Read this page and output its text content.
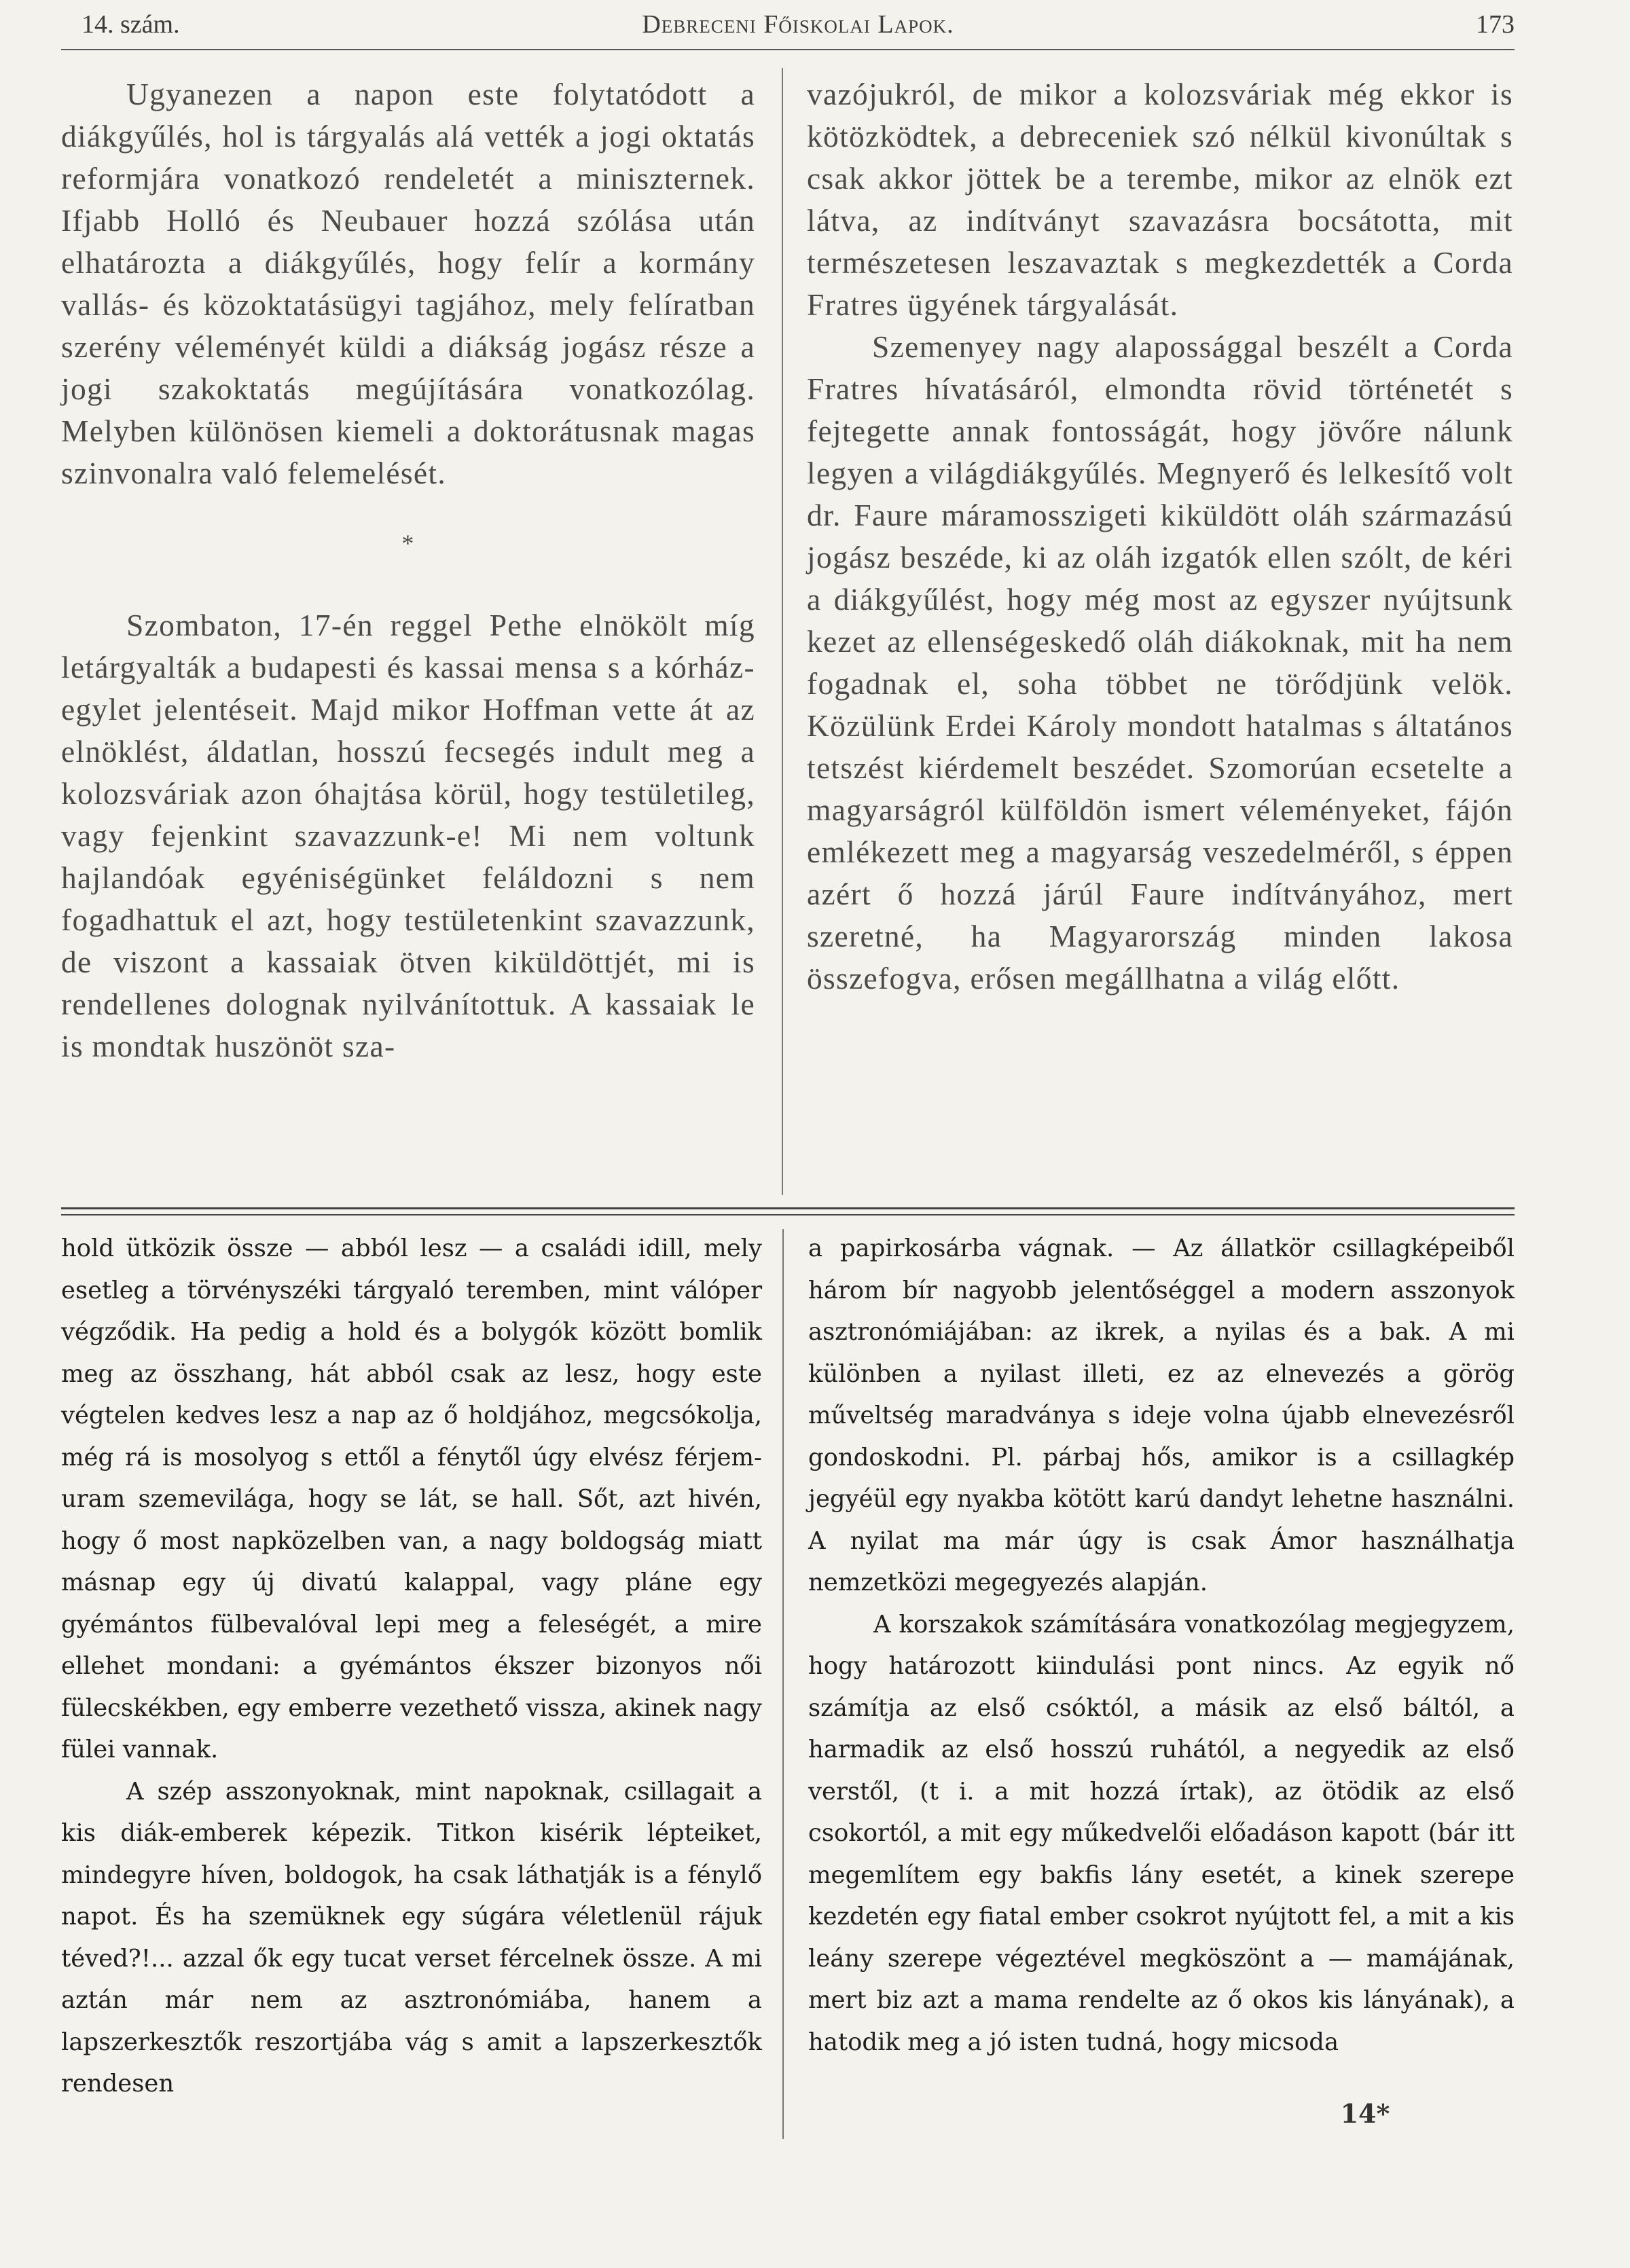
14. szám.	Debreceni Főiskolai Lapok.	173

Ugyanezen a napon este folytatódott a diákgyűlés, hol is tárgyalás alá vették a jogi oktatás reformjára vonatkozó rendeletét a miniszternek. Ifjabb Holló és Neubauer hozzá szólása után elhatározta a diákgyűlés, hogy felír a kormány vallás- és közoktatásügyi tagjához, mely felíratban szerény véleményét küldi a diákság jogász része a jogi szakoktatás megújítására vonatkozólag. Melyben különösen kiemeli a doktorátusnak magas szinvonalra való felemelését.

*

Szombaton, 17-én reggel Pethe elnökölt míg letárgyalták a budapesti és kassai mensa s a kórház-egylet jelentéseit. Majd mikor Hoffman vette át az elnöklést, áldatlan, hosszú fecsegés indult meg a kolozsváriak azon óhajtása körül, hogy testületileg, vagy fejenkint szavazzunk-e! Mi nem voltunk hajlandóak egyéniségünket feláldozni s nem fogadhattuk el azt, hogy testületenkint szavazzunk, de viszont a kassaiak ötven kiküldöttjét, mi is rendellenes dolognak nyilvánítottuk. A kassaiak le is mondtak huszönöt sza-

vazójukról, de mikor a kolozsváriak még ekkor is kötözködtek, a debreceniek szó nélkül kivonúltak s csak akkor jöttek be a terembe, mikor az elnök ezt látva, az indítványt szavazásra bocsátotta, mit természetesen leszavaztak s megkezdették a Corda Fratres ügyének tárgyalását.

Szemenyey nagy alapossággal beszélt a Corda Fratres hívatásáról, elmondta rövid történetét s fejtegette annak fontosságát, hogy jövőre nálunk legyen a világdiákgyűlés. Megnyerő és lelkesítő volt dr. Faure máramosszigeti kiküldött oláh származású jogász beszéde, ki az oláh izgatók ellen szólt, de kéri a diákgyűlést, hogy még most az egyszer nyújtsunk kezet az ellenségeskedő oláh diákoknak, mit ha nem fogadnak el, soha többet ne törődjünk velök. Közülünk Erdei Károly mondott hatalmas s áltatános tetszést kiérdemelt beszédet. Szomorúan ecsetelte a magyarságról külföldön ismert véleményeket, fájón emlékezett meg a magyarság veszedelméről, s éppen azért ő hozzá járúl Faure indítványához, mert szeretné, ha Magyarország minden lakosa összefogva, erősen megállhatna a világ előtt.

hold ütközik össze — abból lesz — a családi idill, mely esetleg a törvényszéki tárgyaló teremben, mint válóper végződik. Ha pedig a hold és a bolygók között bomlik meg az összhang, hát abból csak az lesz, hogy este végtelen kedves lesz a nap az ő holdjához, megcsókolja, még rá is mosolyog s ettől a fénytől úgy elvész férjem-uram szemevilága, hogy se lát, se hall. Sőt, azt hivén, hogy ő most napközelben van, a nagy boldogság miatt másnap egy új divatú kalappal, vagy pláne egy gyémántos fülbevalóval lepi meg a feleségét, a mire ellehet mondani: a gyémántos ékszer bizonyos női fülecskékben, egy emberre vezethető vissza, akinek nagy fülei vannak.

A szép asszonyoknak, mint napoknak, csillagait a kis diák-emberek képezik. Titkon kisérik lépteiket, mindegyre híven, boldogok, ha csak láthatják is a fénylő napot. És ha szemüknek egy súgára véletlenül rájuk téved?!... azzal ők egy tucat verset fércelnek össze. A mi aztán már nem az asztronómiába, hanem a lapszerkesztők reszortjába vág s amit a lapszerkesztők rendesen

a papirkosárba vágnak. — Az állatkör csillagképeiből három bír nagyobb jelentőséggel a modern asszonyok asztronómiájában: az ikrek, a nyilas és a bak. A mi különben a nyilast illeti, ez az elnevezés a görög műveltség maradványa s ideje volna újabb elnevezésről gondoskodni. Pl. párbaj hős, amikor is a csillagkép jegyéül egy nyakba kötött karú dandyt lehetne használni. A nyilat ma már úgy is csak Ámor használhatja nemzetközi megegyezés alapján.

A korszakok számítására vonatkozólag megjegyzem, hogy határozott kiindulási pont nincs. Az egyik nő számítja az első csóktól, a másik az első báltól, a harmadik az első hosszú ruhától, a negyedik az első verstől, (t i. a mit hozzá írtak), az ötödik az első csokortól, a mit egy műkedvelői előadáson kapott (bár itt megemlítem egy bakfis lány esetét, a kinek szerepe kezdetén egy fiatal ember csokrot nyújtott fel, a mit a kis leány szerepe végeztével megköszönt a — mamájának, mert biz azt a mama rendelte az ő okos kis lányának), a hatodik meg a jó isten tudná, hogy micsoda

14*
